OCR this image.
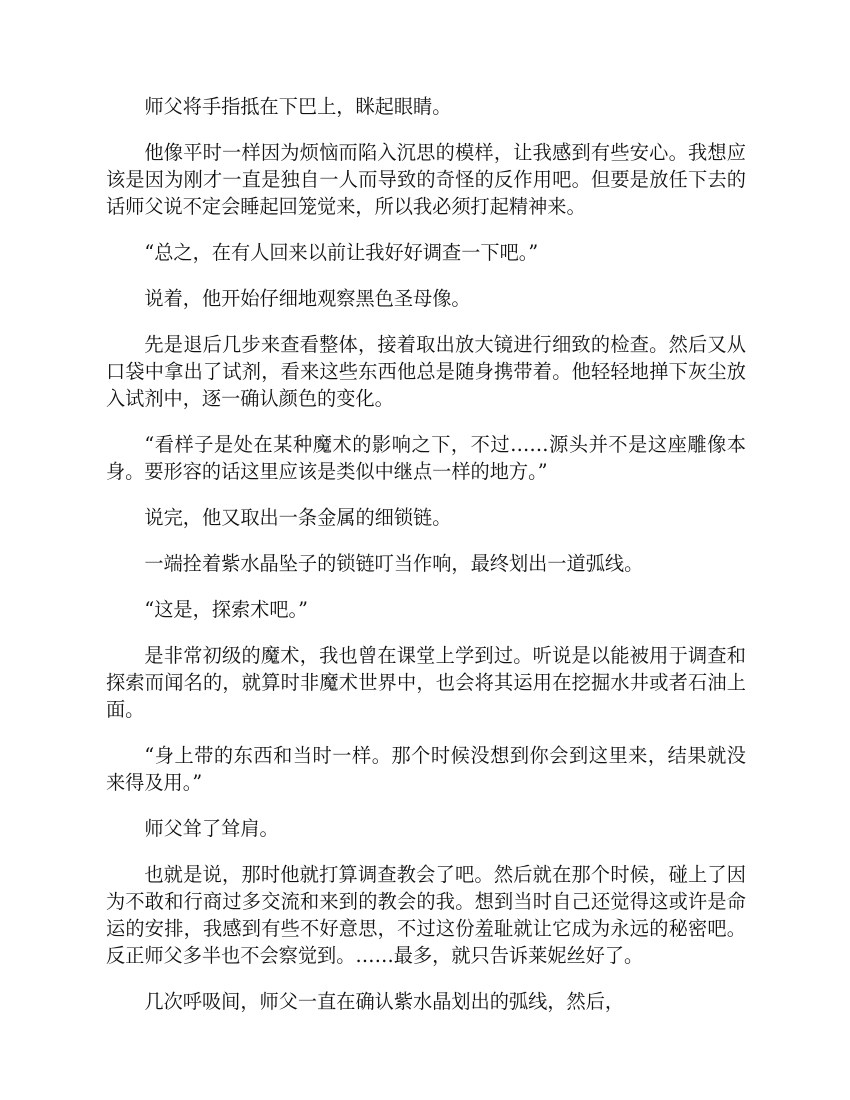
师父将手指抵在下巴上，眯起眼睛。

他像平时一样因为烦恼而陷入沉思的模样，让我感到有些安心。我想应该是因为刚才一直是独自一人而导致的奇怪的反作用吧。但要是放任下去的话师父说不定会睡起回笼觉来，所以我必须打起精神来。

“总之，在有人回来以前让我好好调查一下吧。”

说着，他开始仔细地观察黑色圣母像。

先是退后几步来查看整体，接着取出放大镜进行细致的检查。然后又从口袋中拿出了试剂，看来这些东西他总是随身携带着。他轻轻地掸下灰尘放入试剂中，逐一确认颜色的变化。

“看样子是处在某种魔术的影响之下，不过……源头并不是这座雕像本身。要形容的话这里应该是类似中继点一样的地方。”

说完，他又取出一条金属的细锁链。

一端拴着紫水晶坠子的锁链叮当作响，最终划出一道弧线。

“这是，探索术吧。”

是非常初级的魔术，我也曾在课堂上学到过。听说是以能被用于调查和探索而闻名的，就算时非魔术世界中，也会将其运用在挖掘水井或者石油上面。

“身上带的东西和当时一样。那个时候没想到你会到这里来，结果就没来得及用。”

师父耸了耸肩。

也就是说，那时他就打算调查教会了吧。然后就在那个时候，碰上了因为不敢和行商过多交流和来到的教会的我。想到当时自己还觉得这或许是命运的安排，我感到有些不好意思，不过这份羞耻就让它成为永远的秘密吧。反正师父多半也不会察觉到。……最多，就只告诉莱妮丝好了。

几次呼吸间，师父一直在确认紫水晶划出的弧线，然后，
